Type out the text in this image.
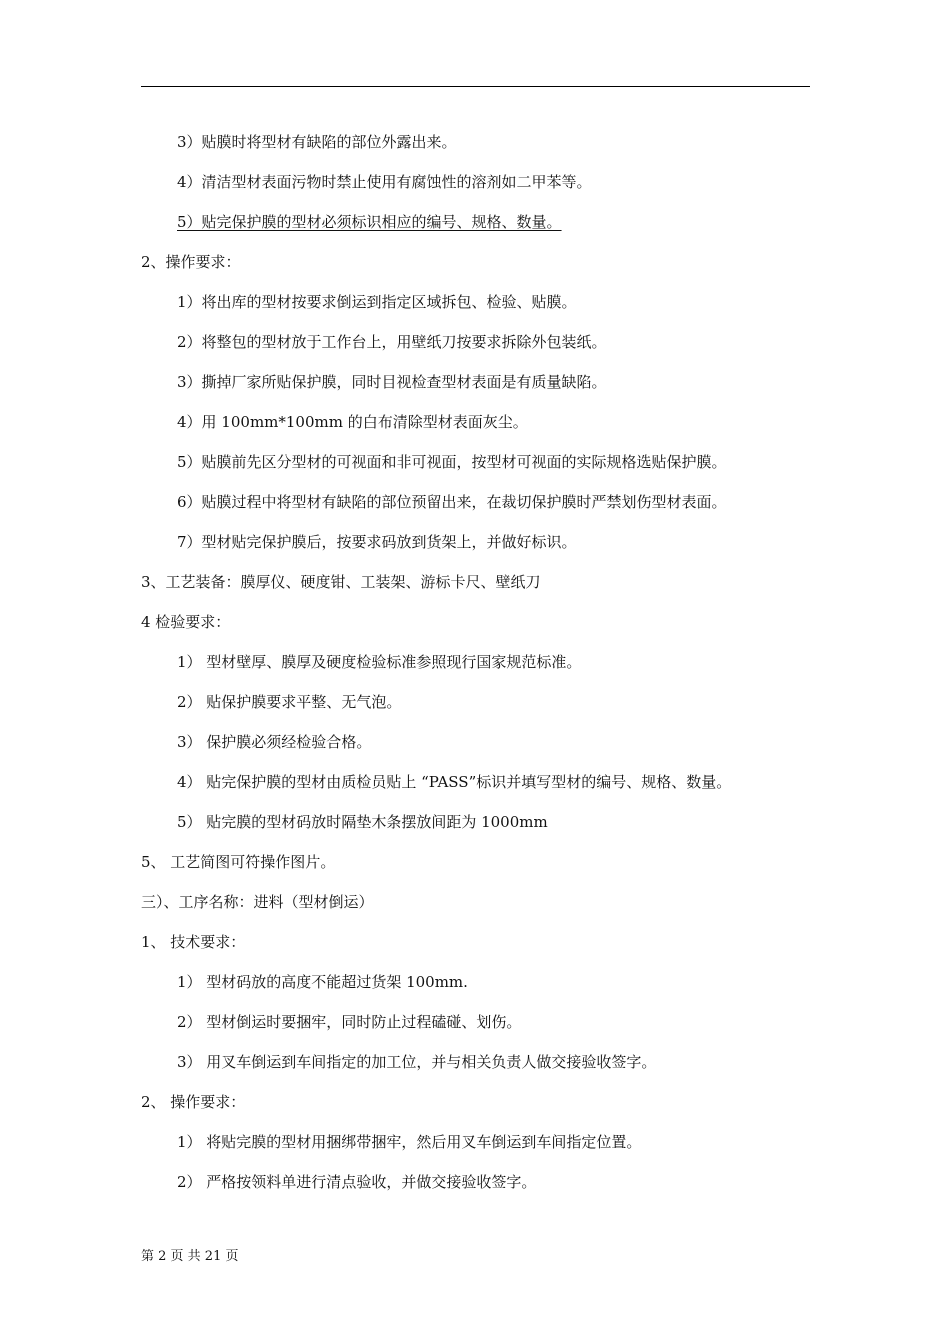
3）贴膜时将型材有缺陷的部位外露出来。
4）清洁型材表面污物时禁止使用有腐蚀性的溶剂如二甲苯等。
5）贴完保护膜的型材必须标识相应的编号、规格、数量。
2、操作要求：
1）将出库的型材按要求倒运到指定区域拆包、检验、贴膜。
2）将整包的型材放于工作台上，用壁纸刀按要求拆除外包装纸。
3）撕掉厂家所贴保护膜，同时目视检查型材表面是有质量缺陷。
4）用 100mm*100mm 的白布清除型材表面灰尘。
5）贴膜前先区分型材的可视面和非可视面，按型材可视面的实际规格选贴保护膜。
6）贴膜过程中将型材有缺陷的部位预留出来，在裁切保护膜时严禁划伤型材表面。
7）型材贴完保护膜后，按要求码放到货架上，并做好标识。
3、工艺装备：膜厚仪、硬度钳、工装架、游标卡尺、壁纸刀
4 检验要求：
1） 型材壁厚、膜厚及硬度检验标准参照现行国家规范标准。
2） 贴保护膜要求平整、无气泡。
3） 保护膜必须经检验合格。
4） 贴完保护膜的型材由质检员贴上 “PASS”标识并填写型材的编号、规格、数量。
5） 贴完膜的型材码放时隔垫木条摆放间距为 1000mm
5、 工艺简图可符操作图片。
三）、工序名称：进料（型材倒运）
1、 技术要求：
1） 型材码放的高度不能超过货架 100mm.
2） 型材倒运时要捆牢，同时防止过程磕碰、划伤。
3） 用叉车倒运到车间指定的加工位，并与相关负责人做交接验收签字。
2、 操作要求：
1） 将贴完膜的型材用捆绑带捆牢，然后用叉车倒运到车间指定位置。
2） 严格按领料单进行清点验收，并做交接验收签字。
第 2 页 共 21 页
